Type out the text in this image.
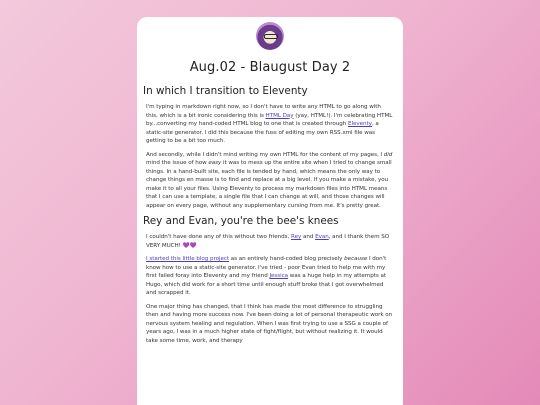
Aug.02 - Blaugust Day 2
In which I transition to Eleventy

I'm typing in markdown right now, so I don't have to write any HTML to go along with this, which is a bit ironic considering this is HTML Day (yay, HTML!). I'm celebrating HTML by...converting my hand-coded HTML blog to one that is created through Eleventy, a static-site generator. I did this because the fuss of editing my own RSS.xml file was getting to be a bit too much.

And secondly, while I didn't mind writing my own HTML for the content of my pages, I did mind the issue of how easy it was to mess up the entire site when I tried to change small things. In a hand-built site, each file is tended by hand, which means the only way to change things en masse is to find and replace at a big level. If you make a mistake, you make it to all your files. Using Eleventy to process my markdown files into HTML means that I can use a template, a single file that I can change at will, and those changes will appear on every page, without any supplementary cursing from me. It's pretty great.

Rey and Evan, you're the bee's knees

I couldn't have done any of this without two friends, Rey and Evan, and I thank them SO VERY MUCH! 💜💜

I started this little blog project as an entirely hand-coded blog precisely because I don't know how to use a static-site generator. I've tried - poor Evan tried to help me with my first failed foray into Eleventy and my friend Jessica was a huge help in my attempts at Hugo, which did work for a short time until enough stuff broke that I got overwhelmed and scrapped it.

One major thing has changed, that I think has made the most difference to struggling then and having more success now. I've been doing a lot of personal therapeutic work on nervous system healing and regulation. When I was first trying to use a SSG a couple of years ago, I was in a much higher state of fight/flight, but without realizing it. It would take some time, work, and therapy
